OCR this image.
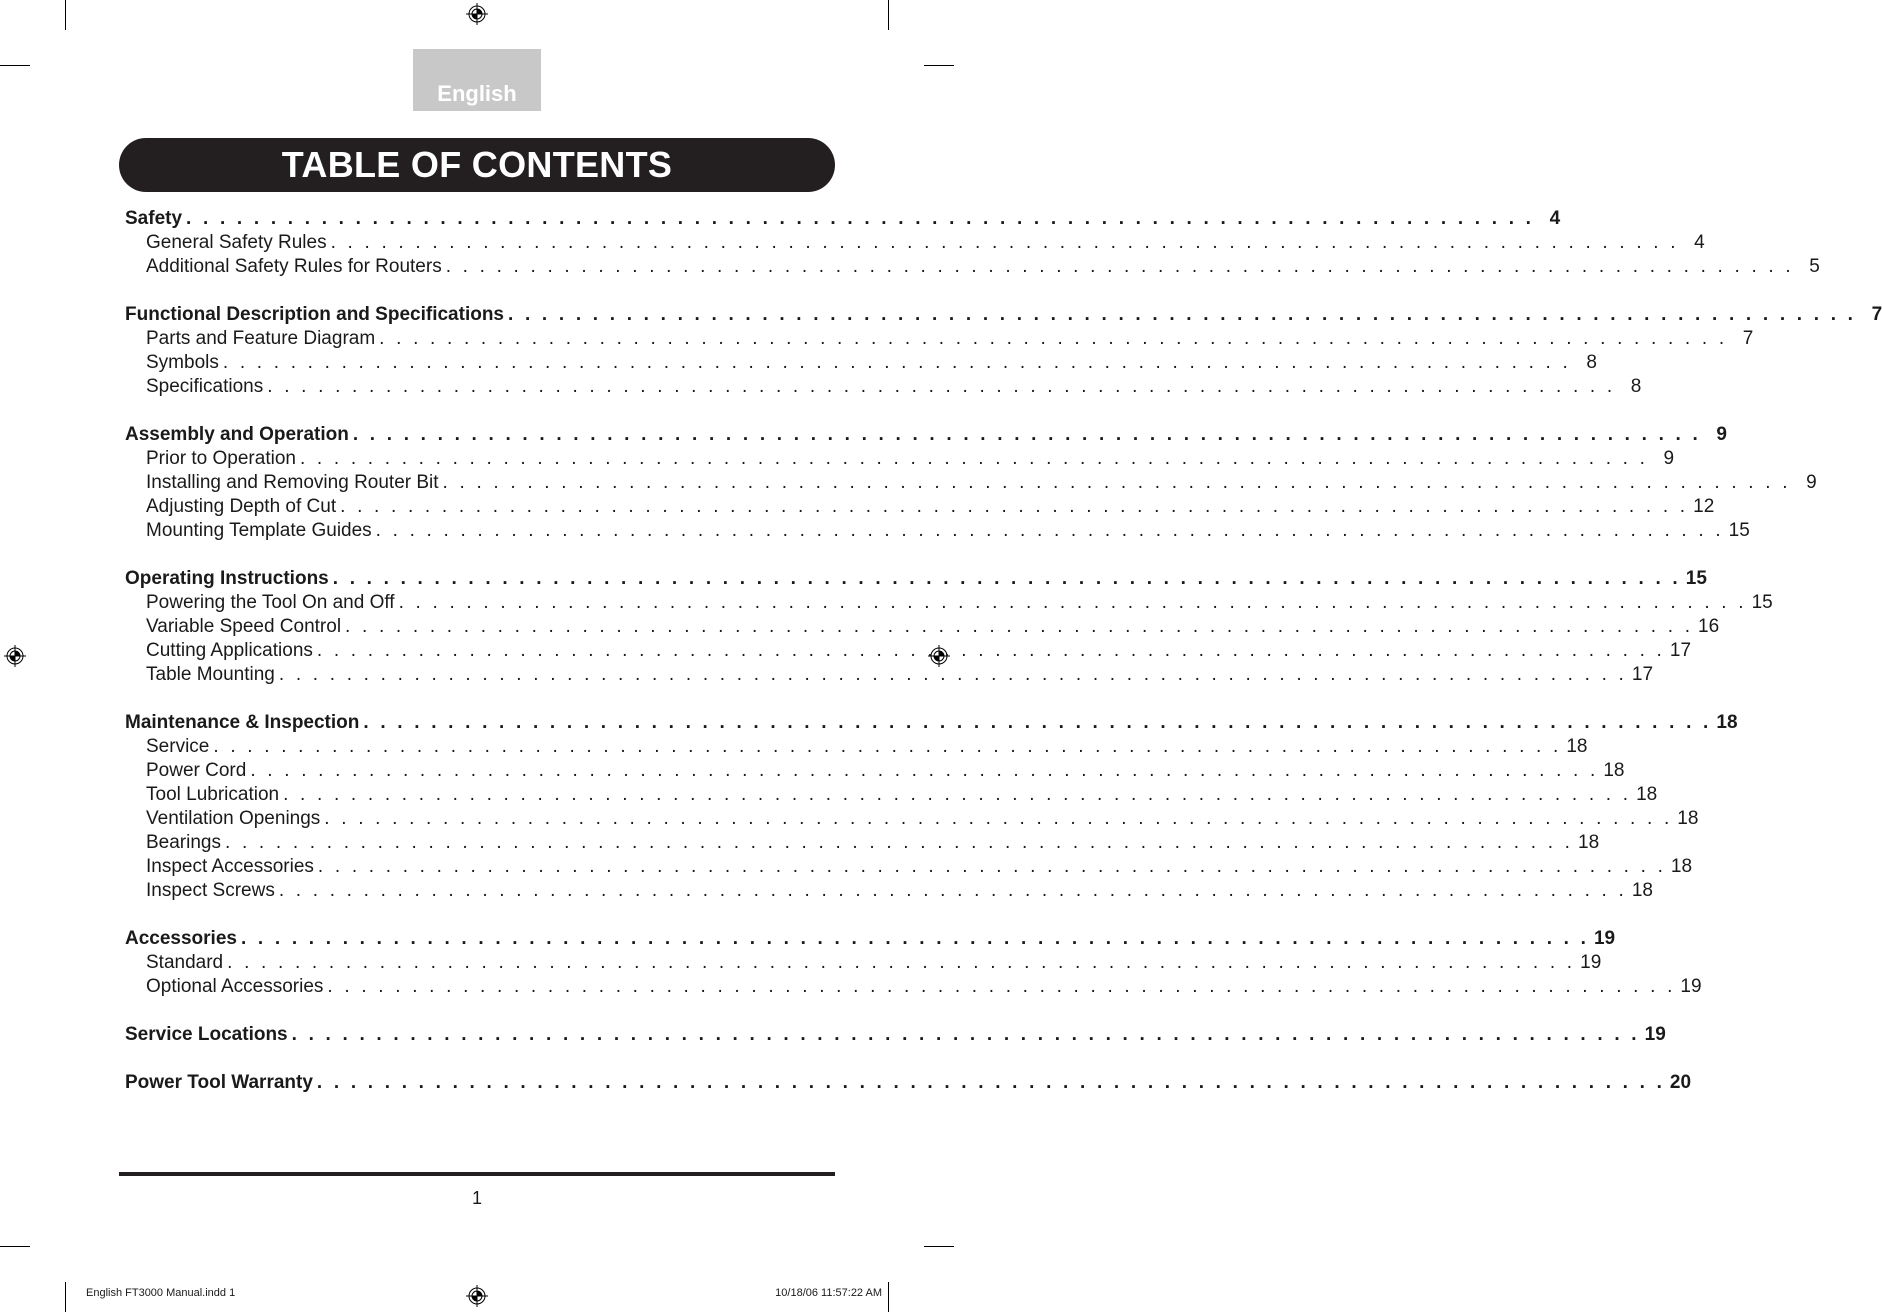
English
TABLE OF CONTENTS
Safety . . . . . . . . . . . . . . . . . . . . . . . . . . . . . . . . . . . . . . . . . . . . . . . . . . . . . . . . . . . . . . . . . . . . . . . . . . . . . . . . 4
General Safety Rules . . . . . . . . . . . . . . . . . . . . . . . . . . . . . . . . . . . . . . . . . . . . . . . . . . . . . . . . . . . . . . . . . . . . . . . . . . . . . . . . 4
Additional Safety Rules for Routers . . . . . . . . . . . . . . . . . . . . . . . . . . . . . . . . . . . . . . . . . . . . . . . . . . . . . . . . . . . . . . . . . . . . . . . . . . . . . . . . 5
Functional Description and Specifications . . . . . . . . . . . . . . . . . . . . . . . . . . . . . . . . . . . . . . . . . . . . . . . . . . . . . . . . . . . . . . . . . . . . . . . . . . . . . . . . 7
Parts and Feature Diagram . . . . . . . . . . . . . . . . . . . . . . . . . . . . . . . . . . . . . . . . . . . . . . . . . . . . . . . . . . . . . . . . . . . . . . . . . . . . . . . . 7
Symbols . . . . . . . . . . . . . . . . . . . . . . . . . . . . . . . . . . . . . . . . . . . . . . . . . . . . . . . . . . . . . . . . . . . . . . . . . . . . . . . . 8
Specifications . . . . . . . . . . . . . . . . . . . . . . . . . . . . . . . . . . . . . . . . . . . . . . . . . . . . . . . . . . . . . . . . . . . . . . . . . . . . . . . . 8
Assembly and Operation . . . . . . . . . . . . . . . . . . . . . . . . . . . . . . . . . . . . . . . . . . . . . . . . . . . . . . . . . . . . . . . . . . . . . . . . . . . . . . . . 9
Prior to Operation . . . . . . . . . . . . . . . . . . . . . . . . . . . . . . . . . . . . . . . . . . . . . . . . . . . . . . . . . . . . . . . . . . . . . . . . . . . . . . . . 9
Installing and Removing Router Bit . . . . . . . . . . . . . . . . . . . . . . . . . . . . . . . . . . . . . . . . . . . . . . . . . . . . . . . . . . . . . . . . . . . . . . . . . . . . . . . . 9
Adjusting Depth of Cut . . . . . . . . . . . . . . . . . . . . . . . . . . . . . . . . . . . . . . . . . . . . . . . . . . . . . . . . . . . . . . . . . . . . . . . . . . . . . . . . 12
Mounting Template Guides . . . . . . . . . . . . . . . . . . . . . . . . . . . . . . . . . . . . . . . . . . . . . . . . . . . . . . . . . . . . . . . . . . . . . . . . . . . . . . . . 15
Operating Instructions . . . . . . . . . . . . . . . . . . . . . . . . . . . . . . . . . . . . . . . . . . . . . . . . . . . . . . . . . . . . . . . . . . . . . . . . . . . . . . . . 15
Powering the Tool On and Off . . . . . . . . . . . . . . . . . . . . . . . . . . . . . . . . . . . . . . . . . . . . . . . . . . . . . . . . . . . . . . . . . . . . . . . . . . . . . . . . 15
Variable Speed Control . . . . . . . . . . . . . . . . . . . . . . . . . . . . . . . . . . . . . . . . . . . . . . . . . . . . . . . . . . . . . . . . . . . . . . . . . . . . . . . . 16
Cutting Applications . . . . . . . . . . . . . . . . . . . . . . . . . . . . . . . . . . . . . . . . . . . . . . . . . . . . . . . . . . . . . . . . . . . . . . . . . . . . . . . . 17
Table Mounting . . . . . . . . . . . . . . . . . . . . . . . . . . . . . . . . . . . . . . . . . . . . . . . . . . . . . . . . . . . . . . . . . . . . . . . . . . . . . . . . 17
Maintenance & Inspection . . . . . . . . . . . . . . . . . . . . . . . . . . . . . . . . . . . . . . . . . . . . . . . . . . . . . . . . . . . . . . . . . . . . . . . . . . . . . . . . 18
Service . . . . . . . . . . . . . . . . . . . . . . . . . . . . . . . . . . . . . . . . . . . . . . . . . . . . . . . . . . . . . . . . . . . . . . . . . . . . . . . . 18
Power Cord . . . . . . . . . . . . . . . . . . . . . . . . . . . . . . . . . . . . . . . . . . . . . . . . . . . . . . . . . . . . . . . . . . . . . . . . . . . . . . . . 18
Tool Lubrication . . . . . . . . . . . . . . . . . . . . . . . . . . . . . . . . . . . . . . . . . . . . . . . . . . . . . . . . . . . . . . . . . . . . . . . . . . . . . . . . 18
Ventilation Openings . . . . . . . . . . . . . . . . . . . . . . . . . . . . . . . . . . . . . . . . . . . . . . . . . . . . . . . . . . . . . . . . . . . . . . . . . . . . . . . . 18
Bearings . . . . . . . . . . . . . . . . . . . . . . . . . . . . . . . . . . . . . . . . . . . . . . . . . . . . . . . . . . . . . . . . . . . . . . . . . . . . . . . . 18
Inspect Accessories . . . . . . . . . . . . . . . . . . . . . . . . . . . . . . . . . . . . . . . . . . . . . . . . . . . . . . . . . . . . . . . . . . . . . . . . . . . . . . . . 18
Inspect Screws . . . . . . . . . . . . . . . . . . . . . . . . . . . . . . . . . . . . . . . . . . . . . . . . . . . . . . . . . . . . . . . . . . . . . . . . . . . . . . . . 18
Accessories . . . . . . . . . . . . . . . . . . . . . . . . . . . . . . . . . . . . . . . . . . . . . . . . . . . . . . . . . . . . . . . . . . . . . . . . . . . . . . . . 19
Standard . . . . . . . . . . . . . . . . . . . . . . . . . . . . . . . . . . . . . . . . . . . . . . . . . . . . . . . . . . . . . . . . . . . . . . . . . . . . . . . . 19
Optional Accessories . . . . . . . . . . . . . . . . . . . . . . . . . . . . . . . . . . . . . . . . . . . . . . . . . . . . . . . . . . . . . . . . . . . . . . . . . . . . . . . . 19
Service Locations . . . . . . . . . . . . . . . . . . . . . . . . . . . . . . . . . . . . . . . . . . . . . . . . . . . . . . . . . . . . . . . . . . . . . . . . . . . . . . . . 19
Power Tool Warranty . . . . . . . . . . . . . . . . . . . . . . . . . . . . . . . . . . . . . . . . . . . . . . . . . . . . . . . . . . . . . . . . . . . . . . . . . . . . . . . . 20
1
English FT3000 Manual.indd 1	10/18/06 11:57:22 AM
